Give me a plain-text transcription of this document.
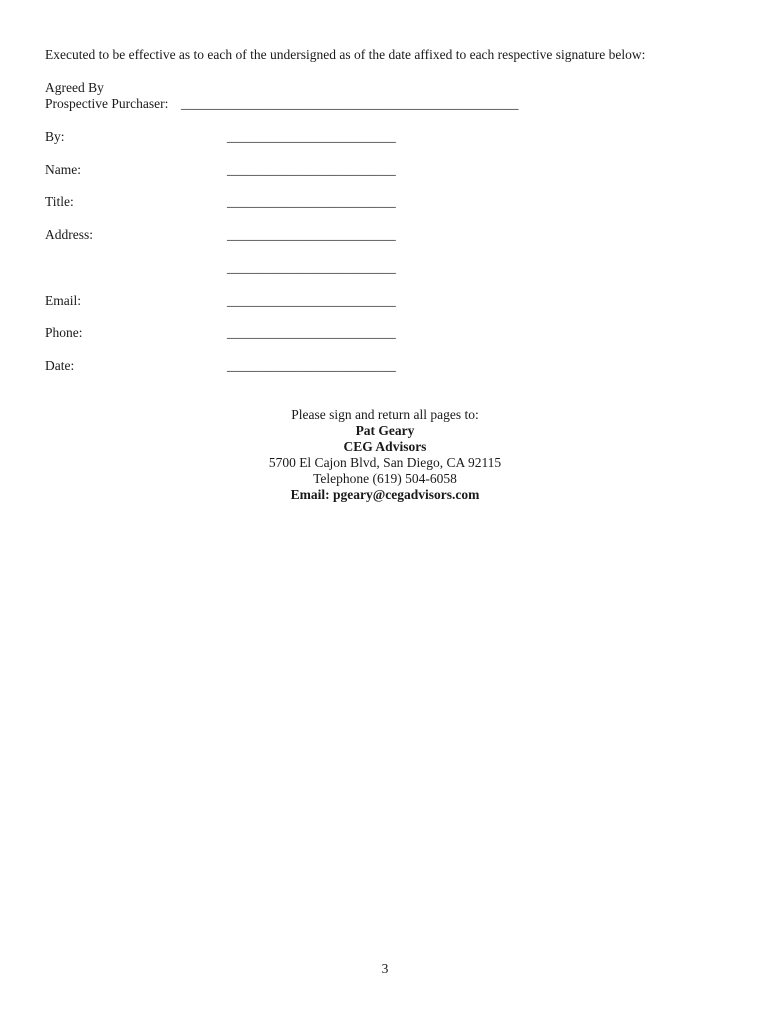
Executed to be effective as to each of the undersigned as of the date affixed to each respective signature below:
Agreed By
Prospective Purchaser: __________________________________________________
By:	_________________________
Name:	_________________________
Title:	_________________________
Address:	_________________________
_________________________
Email:	_________________________
Phone:	_________________________
Date:	_________________________
Please sign and return all pages to:
Pat Geary
CEG Advisors
5700 El Cajon Blvd, San Diego, CA 92115
Telephone (619) 504-6058
Email: pgeary@cegadvisors.com
3
